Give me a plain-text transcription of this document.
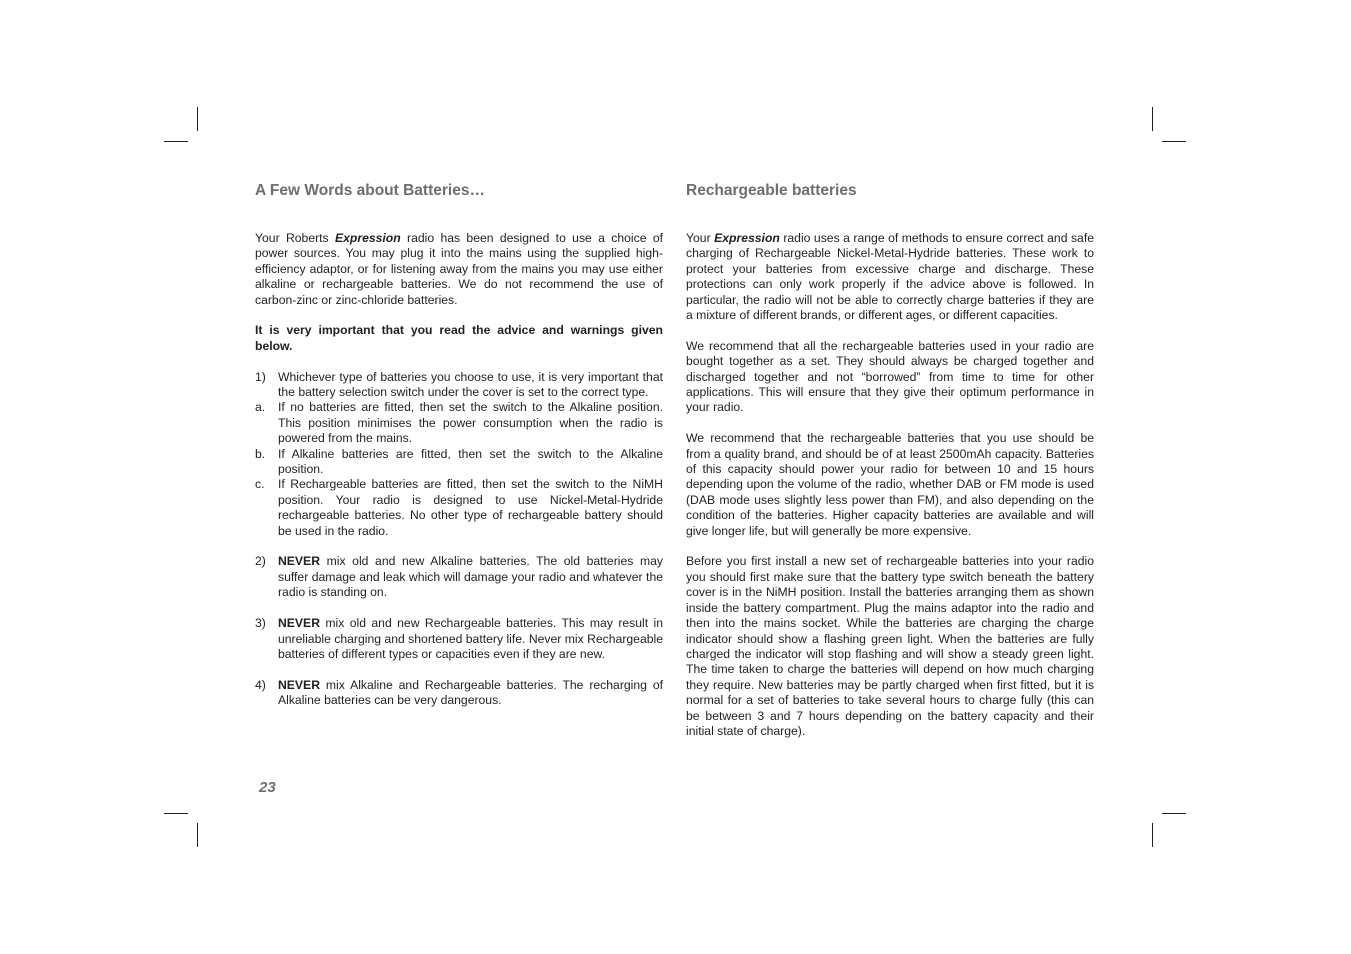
A Few Words about Batteries…

Your Roberts Expression radio has been designed to use a choice of power sources. You may plug it into the mains using the supplied high-efficiency adaptor, or for listening away from the mains you may use either alkaline or rechargeable batteries. We do not recommend the use of carbon-zinc or zinc-chloride batteries.

It is very important that you read the advice and warnings given below.

1) Whichever type of batteries you choose to use, it is very important that the battery selection switch under the cover is set to the correct type.
a.	If no batteries are fitted, then set the switch to the Alkaline position. This position minimises the power consumption when the radio is powered from the mains.
b.	If Alkaline batteries are fitted, then set the switch to the Alkaline position.
c.	If Rechargeable batteries are fitted, then set the switch to the NiMH position. Your radio is designed to use Nickel-Metal-Hydride rechargeable batteries. No other type of rechargeable battery should be used in the radio.
2) NEVER mix old and new Alkaline batteries. The old batteries may suffer damage and leak which will damage your radio and whatever the radio is standing on.
3) NEVER mix old and new Rechargeable batteries. This may result in unreliable charging and shortened battery life. Never mix Rechargeable batteries of different types or capacities even if they are new.
4) NEVER mix Alkaline and Rechargeable batteries. The recharging of Alkaline batteries can be very dangerous.
Rechargeable batteries

Your Expression radio uses a range of methods to ensure correct and safe charging of Rechargeable Nickel-Metal-Hydride batteries. These work to protect your batteries from excessive charge and discharge. These protections can only work properly if the advice above is followed. In particular, the radio will not be able to correctly charge batteries if they are a mixture of different brands, or different ages, or different capacities.

We recommend that all the rechargeable batteries used in your radio are bought together as a set. They should always be charged together and discharged together and not “borrowed” from time to time for other applications. This will ensure that they give their optimum performance in your radio.

We recommend that the rechargeable batteries that you use should be from a quality brand, and should be of at least 2500mAh capacity. Batteries of this capacity should power your radio for between 10 and 15 hours depending upon the volume of the radio, whether DAB or FM mode is used (DAB mode uses slightly less power than FM), and also depending on the condition of the batteries. Higher capacity batteries are available and will give longer life, but will generally be more expensive.

Before you first install a new set of rechargeable batteries into your radio you should first make sure that the battery type switch beneath the battery cover is in the NiMH position. Install the batteries arranging them as shown inside the battery compartment. Plug the mains adaptor into the radio and then into the mains socket. While the batteries are charging the charge indicator should show a flashing green light. When the batteries are fully charged the indicator will stop flashing and will show a steady green light. The time taken to charge the batteries will depend on how much charging they require. New batteries may be partly charged when first fitted, but it is normal for a set of batteries to take several hours to charge fully (this can be between 3 and 7 hours depending on the battery capacity and their initial state of charge).

23
